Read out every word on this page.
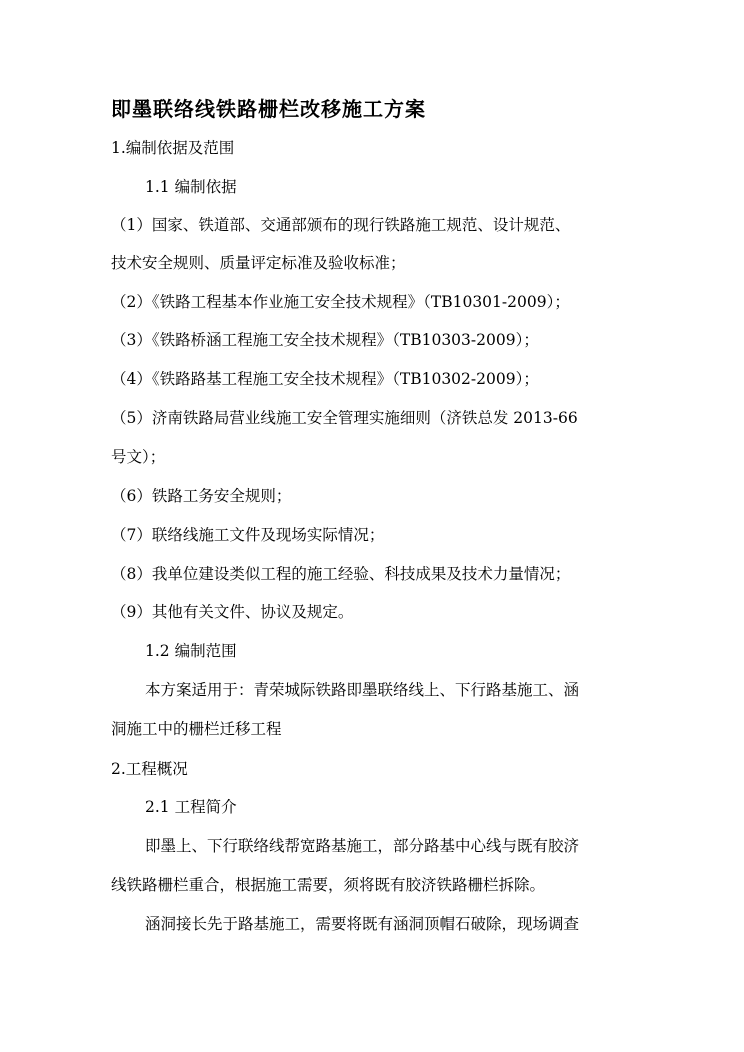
即墨联络线铁路栅栏改移施工方案

1.编制依据及范围

1.1 编制依据

（1）国家、铁道部、交通部颁布的现行铁路施工规范、设计规范、

技术安全规则、质量评定标准及验收标准；

（2）《铁路工程基本作业施工安全技术规程》（TB10301-2009）；

（3）《铁路桥涵工程施工安全技术规程》（TB10303-2009）；

（4）《铁路路基工程施工安全技术规程》（TB10302-2009）；

（5）济南铁路局营业线施工安全管理实施细则（济铁总发 2013-66

号文）；

（6）铁路工务安全规则；

（7）联络线施工文件及现场实际情况；

（8）我单位建设类似工程的施工经验、科技成果及技术力量情况；

（9）其他有关文件、协议及规定。

1.2 编制范围

本方案适用于：青荣城际铁路即墨联络线上、下行路基施工、涵

洞施工中的栅栏迁移工程

2.工程概况

2.1 工程简介

即墨上、下行联络线帮宽路基施工，部分路基中心线与既有胶济

线铁路栅栏重合，根据施工需要，须将既有胶济铁路栅栏拆除。

涵洞接长先于路基施工，需要将既有涵洞顶帽石破除，现场调查
